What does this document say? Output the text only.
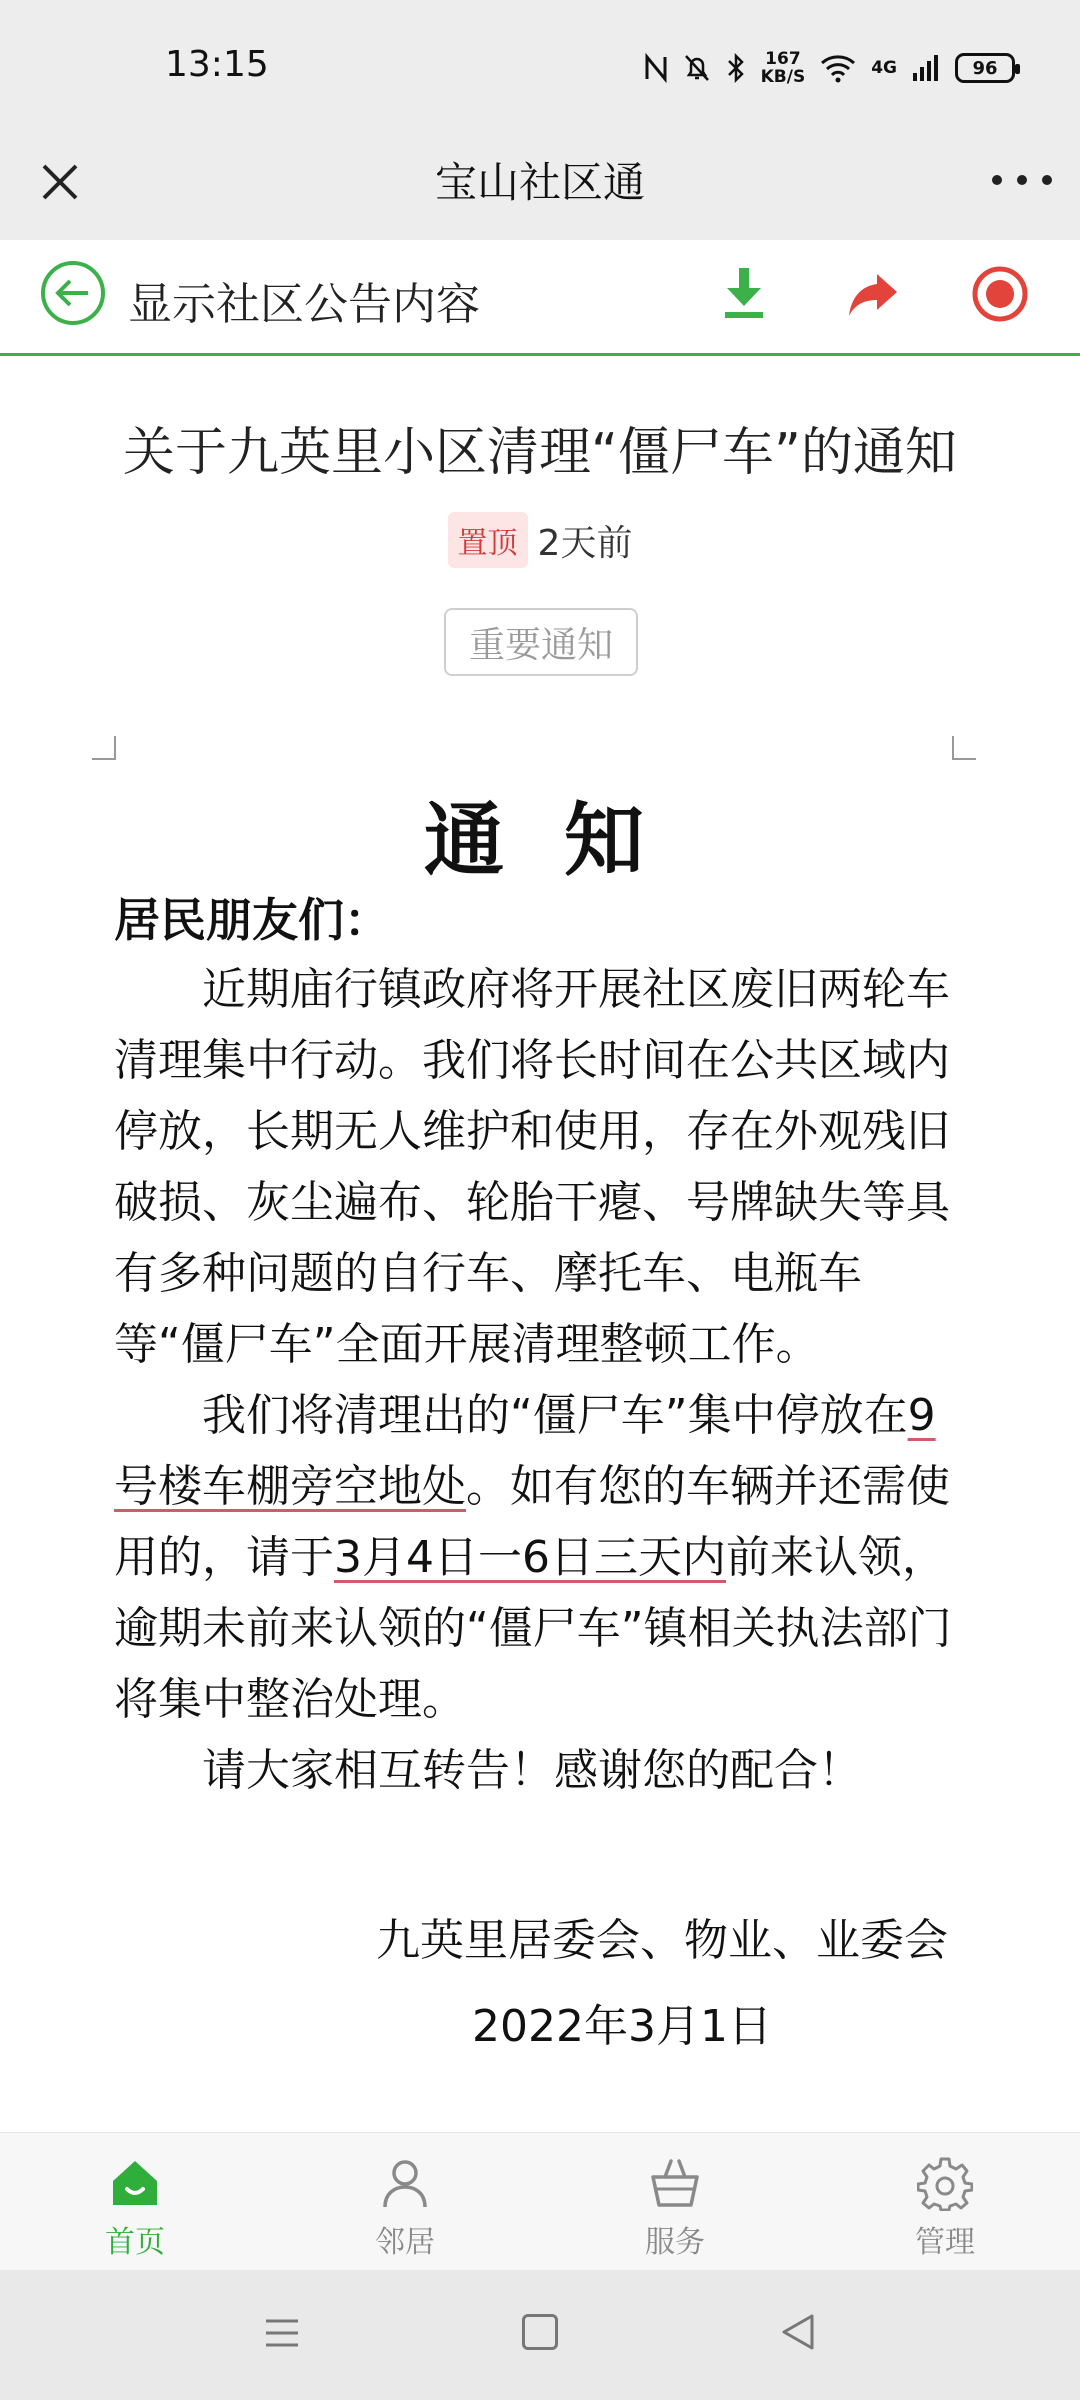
13:15	167
KB/S	4G	96
宝山社区通
显示社区公告内容
关于九英里小区清理“僵尸车”的通知
置顶 2天前
重要通知
通知
居民朋友们：

近期庙行镇政府将开展社区废旧两轮车清理集中行动。我们将长时间在公共区域内停放，长期无人维护和使用，存在外观残旧破损、灰尘遍布、轮胎干瘪、号牌缺失等具有多种问题的自行车、摩托车、电瓶车等“僵尸车”全面开展清理整顿工作。

我们将清理出的“僵尸车”集中停放在9号楼车棚旁空地处。如有您的车辆并还需使用的，请于3月4日一6日三天内前来认领，逾期未前来认领的“僵尸车”镇相关执法部门将集中整治处理。

请大家相互转告！感谢您的配合！

九英里居委会、物业、业委会
2022年3月1日
首页	邻居	服务	管理
